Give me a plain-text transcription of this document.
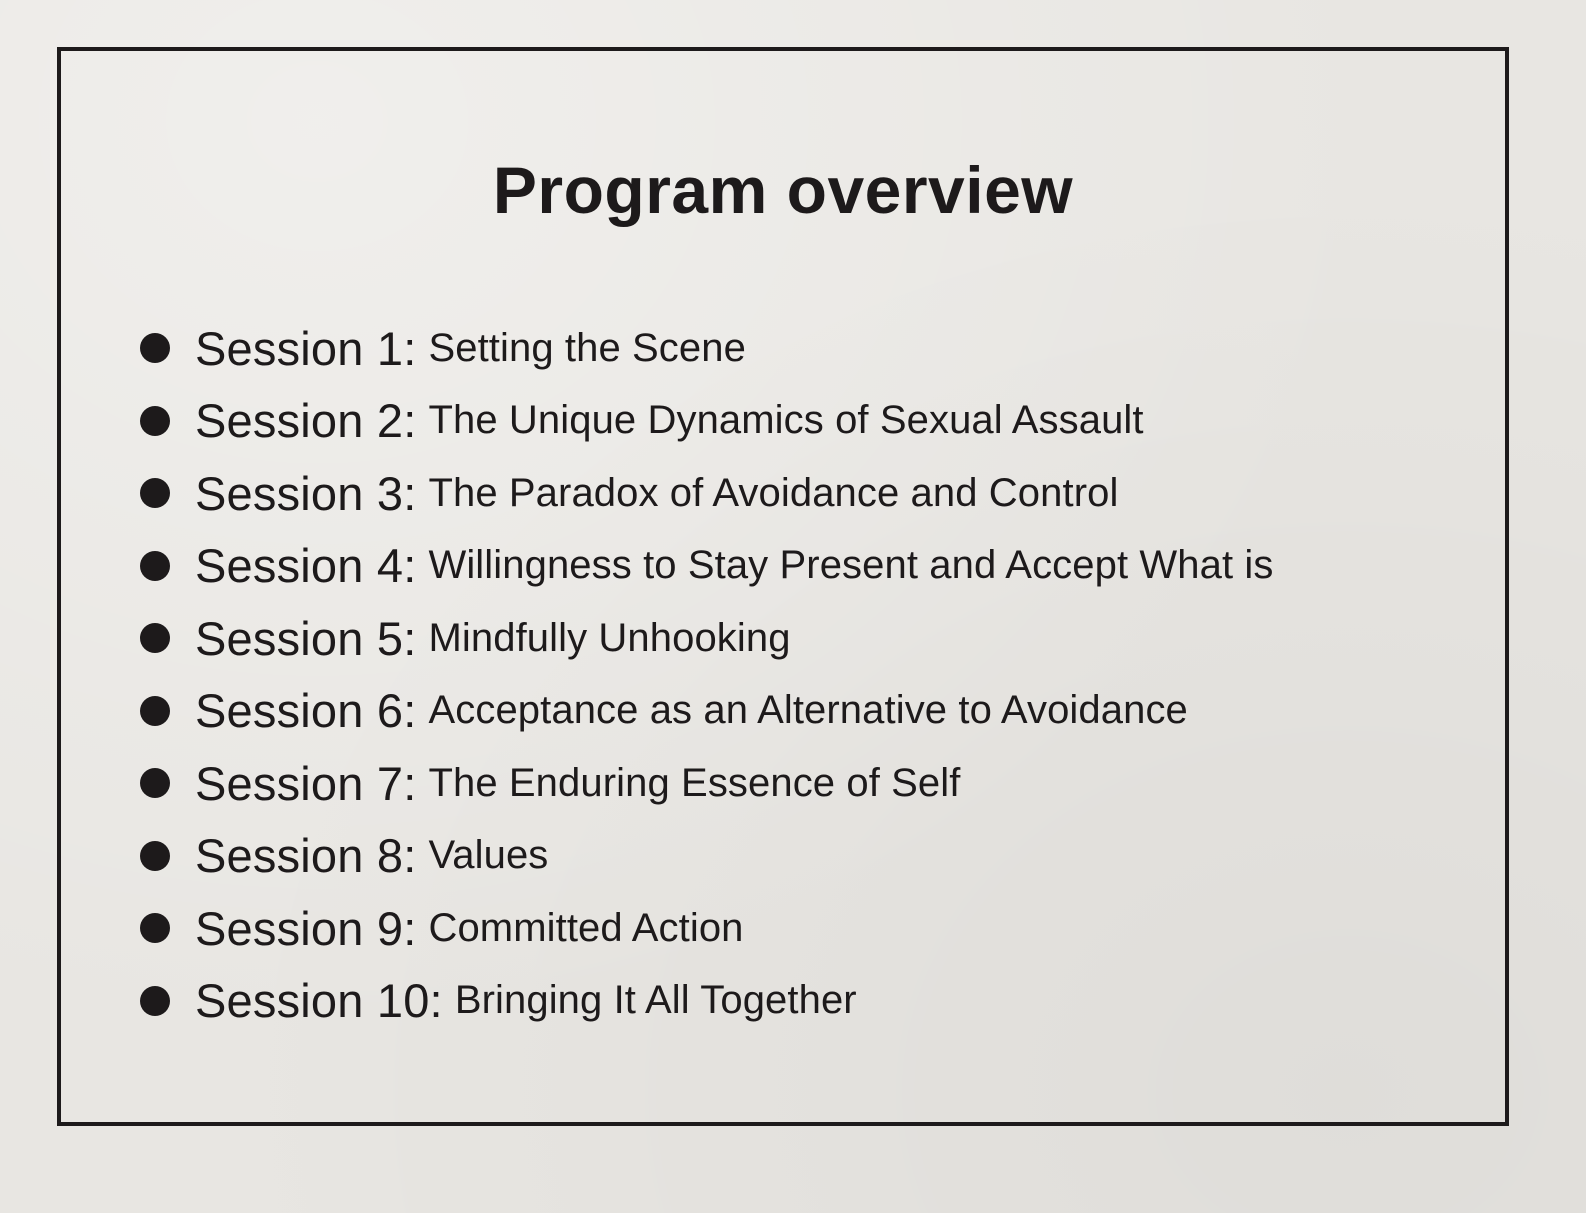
Program overview
Session 1: Setting the Scene
Session 2: The Unique Dynamics of Sexual Assault
Session 3: The Paradox of Avoidance and Control
Session 4: Willingness to Stay Present and Accept What is
Session 5: Mindfully Unhooking
Session 6: Acceptance as an Alternative to Avoidance
Session 7: The Enduring Essence of Self
Session 8: Values
Session 9: Committed Action
Session 10: Bringing It All Together
